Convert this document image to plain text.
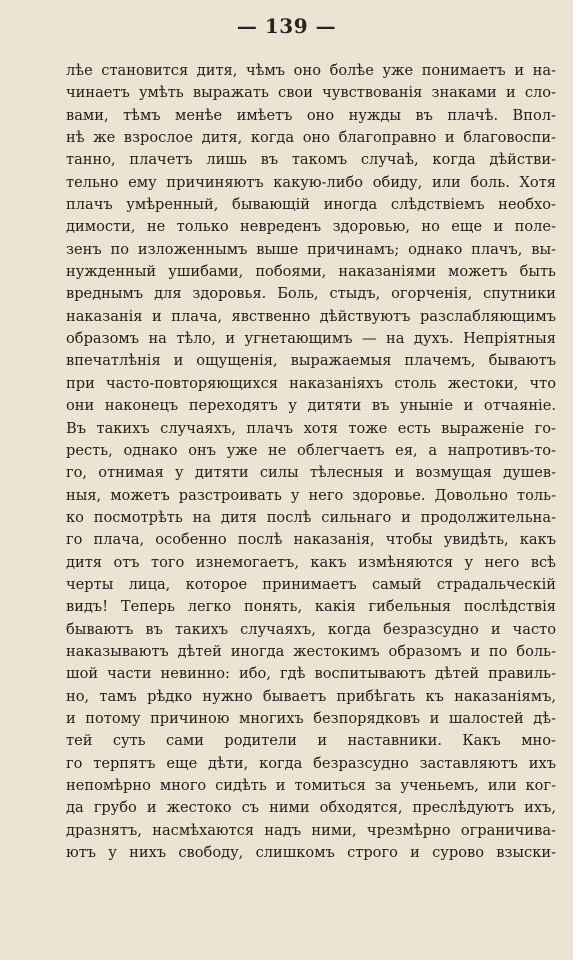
— 139 —
лѣе становится дитя, чѣмъ оно болѣе уже понимаетъ и на-
чинаетъ умѣть выражать свои чувствованія знаками и сло-
вами, тѣмъ менѣе имѣетъ оно нужды въ плачѣ. Впол-
нѣ же взрослое дитя, когда оно благоправно и благовоспи-
танно, плачетъ лишь въ такомъ случаѣ, когда дѣйстви-
тельно ему причиняютъ какую-либо обиду, или боль. Хотя
плачъ умѣренный, бывающій иногда слѣдствіемъ необхо-
димости, не только невреденъ здоровью, но еще и поле-
зенъ по изложеннымъ выше причинамъ; однако плачъ, вы-
нужденный ушибами, побоями, наказаніями можетъ быть
вреднымъ для здоровья. Боль, стыдъ, огорченія, спутники
наказанія и плача, явственно дѣйствуютъ разслабляющимъ
образомъ на тѣло, и угнетающимъ — на духъ. Непріятныя
впечатлѣнія и ощущенія, выражаемыя плачемъ, бываютъ
при часто-повторяющихся наказаніяхъ столь жестоки, что
они наконецъ переходятъ у дитяти въ уныніе и отчаяніе.
Въ такихъ случаяхъ, плачъ хотя тоже есть выраженіе го-
ресть, однако онъ уже не облегчаетъ ея, а напротивъ-то-
го, отнимая у дитяти силы тѣлесныя и возмущая душев-
ныя, можетъ разстроивать у него здоровье. Довольно толь-
ко посмотрѣть на дитя послѣ сильнаго и продолжительна-
го плача, особенно послѣ наказанія, чтобы увидѣть, какъ
дитя отъ того изнемогаетъ, какъ измѣняются у него всѣ
черты лица, которое принимаетъ самый страдальческій
видъ! Теперь легко понять, какія гибельныя послѣдствія
бываютъ въ такихъ случаяхъ, когда безразсудно и часто
наказываютъ дѣтей иногда жестокимъ образомъ и по боль-
шой части невинно: ибо, гдѣ воспитываютъ дѣтей правиль-
но, тамъ рѣдко нужно бываетъ прибѣгать къ наказаніямъ,
и потому причиною многихъ безпорядковъ и шалостей дѣ-
тей суть сами родители и наставники. Какъ мно-
го терпятъ еще дѣти, когда безразсудно заставляютъ ихъ
непомѣрно много сидѣть и томиться за ученьемъ, или ког-
да грубо и жестоко съ ними обходятся, преслѣдуютъ ихъ,
дразнятъ, насмѣхаются надъ ними, чрезмѣрно ограничива-
ютъ у нихъ свободу, слишкомъ строго и сурово взыски-
